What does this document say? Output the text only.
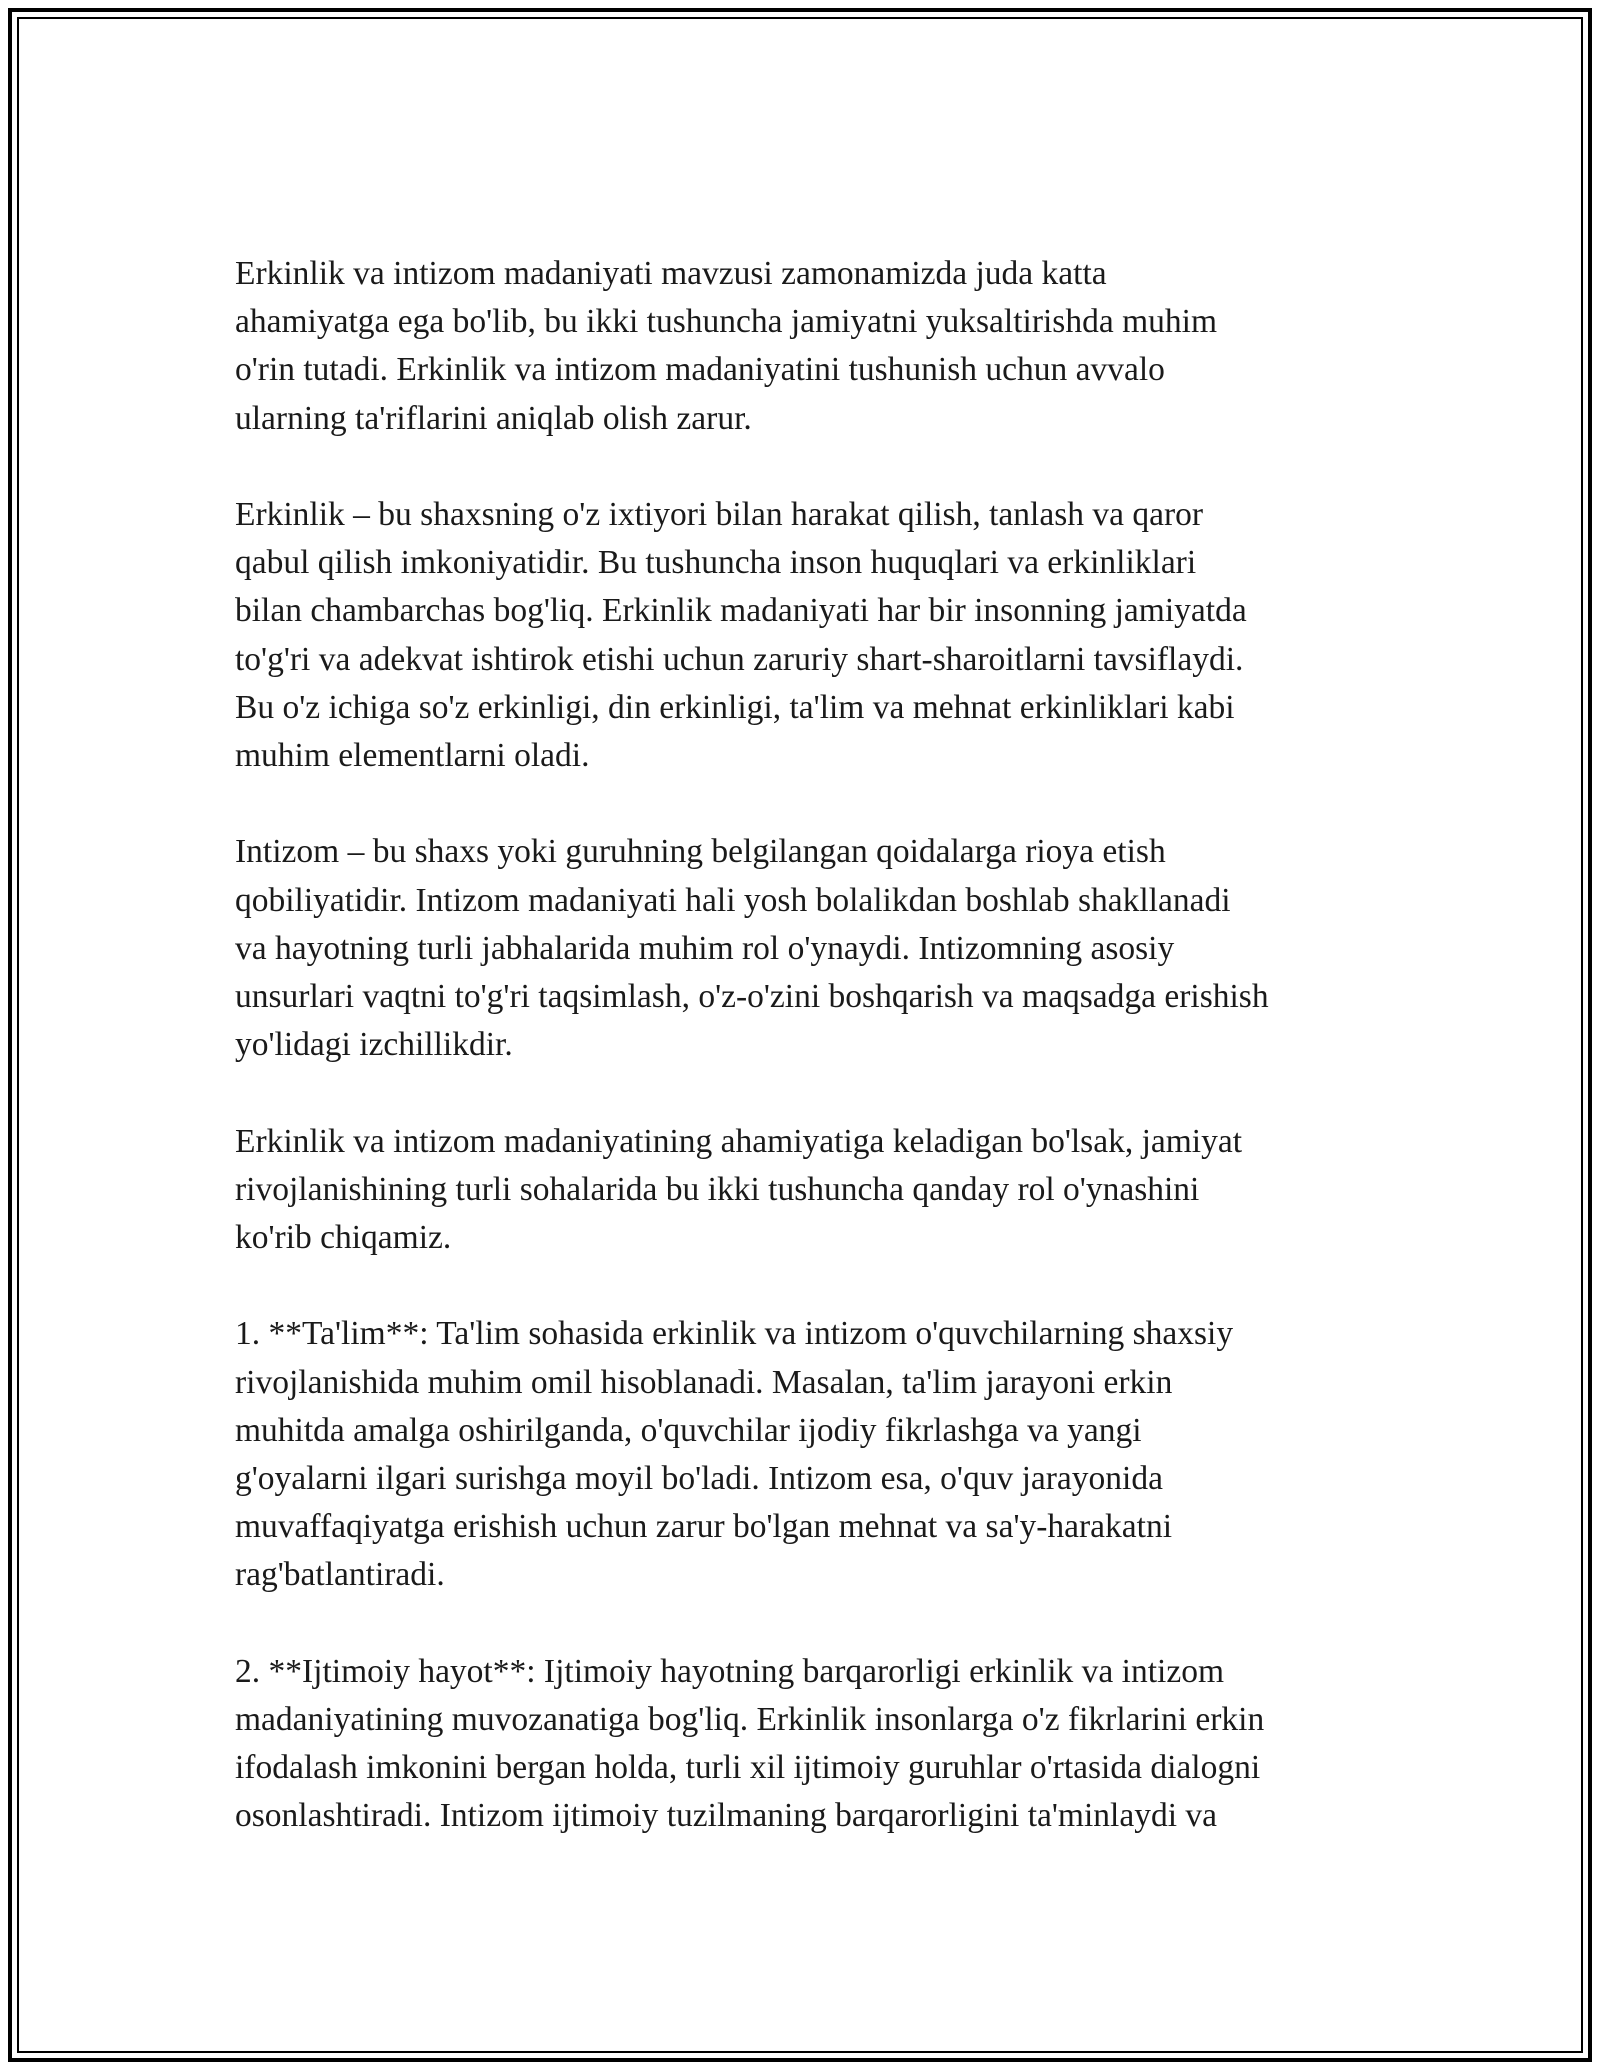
Erkinlik va intizom madaniyati mavzusi zamonamizda juda katta
ahamiyatga ega bo'lib, bu ikki tushuncha jamiyatni yuksaltirishda muhim
o'rin tutadi. Erkinlik va intizom madaniyatini tushunish uchun avvalo
ularning ta'riflarini aniqlab olish zarur.

Erkinlik – bu shaxsning o'z ixtiyori bilan harakat qilish, tanlash va qaror
qabul qilish imkoniyatidir. Bu tushuncha inson huquqlari va erkinliklari
bilan chambarchas bog'liq. Erkinlik madaniyati har bir insonning jamiyatda
to'g'ri va adekvat ishtirok etishi uchun zaruriy shart-sharoitlarni tavsiflaydi.
Bu o'z ichiga so'z erkinligi, din erkinligi, ta'lim va mehnat erkinliklari kabi
muhim elementlarni oladi.

Intizom – bu shaxs yoki guruhning belgilangan qoidalarga rioya etish
qobiliyatidir. Intizom madaniyati hali yosh bolalikdan boshlab shakllanadi
va hayotning turli jabhalarida muhim rol o'ynaydi. Intizomning asosiy
unsurlari vaqtni to'g'ri taqsimlash, o'z-o'zini boshqarish va maqsadga erishish
yo'lidagi izchillikdir.

Erkinlik va intizom madaniyatining ahamiyatiga keladigan bo'lsak, jamiyat
rivojlanishining turli sohalarida bu ikki tushuncha qanday rol o'ynashini
ko'rib chiqamiz.

1. **Ta'lim**: Ta'lim sohasida erkinlik va intizom o'quvchilarning shaxsiy
rivojlanishida muhim omil hisoblanadi. Masalan, ta'lim jarayoni erkin
muhitda amalga oshirilganda, o'quvchilar ijodiy fikrlashga va yangi
g'oyalarni ilgari surishga moyil bo'ladi. Intizom esa, o'quv jarayonida
muvaffaqiyatga erishish uchun zarur bo'lgan mehnat va sa'y-harakatni
rag'batlantiradi.

2. **Ijtimoiy hayot**: Ijtimoiy hayotning barqarorligi erkinlik va intizom
madaniyatining muvozanatiga bog'liq. Erkinlik insonlarga o'z fikrlarini erkin
ifodalash imkonini bergan holda, turli xil ijtimoiy guruhlar o'rtasida dialogni
osonlashtiradi. Intizom ijtimoiy tuzilmaning barqarorligini ta'minlaydi va
